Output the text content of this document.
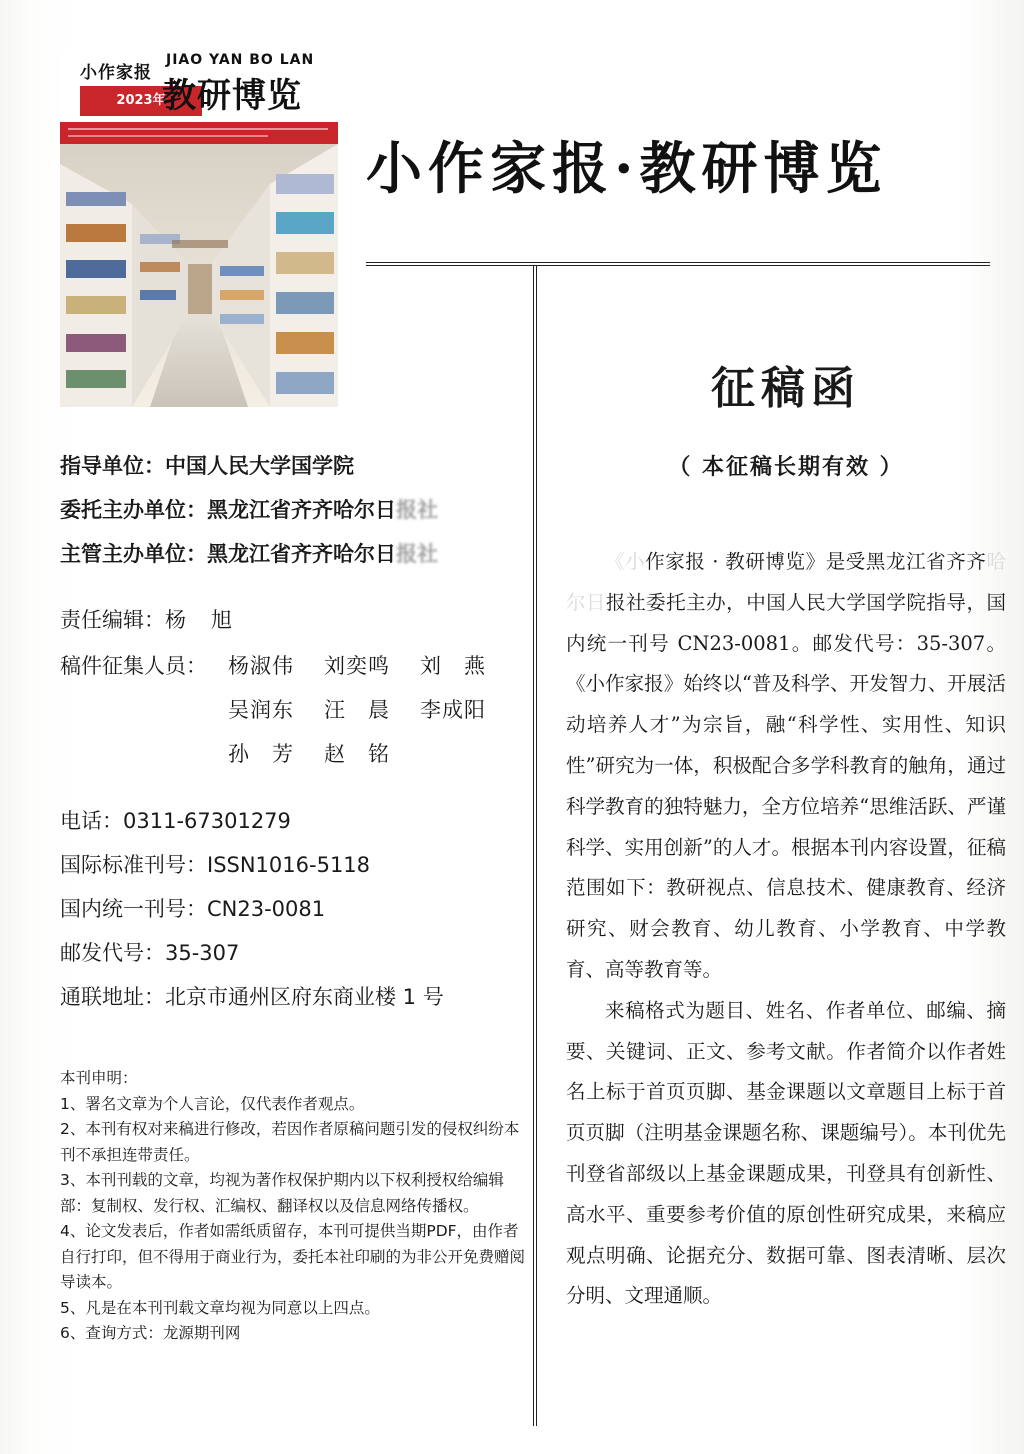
小作家报
2023年
JIAO YAN BO LAN
教研博览
小作家报·教研博览
指导单位：中国人民大学国学院
委托主办单位：黑龙江省齐齐哈尔日报社
主管主办单位：黑龙江省齐齐哈尔日报社
责任编辑：杨　旭
稿件征集人员： 杨淑伟 刘奕鸣 刘　燕
吴润东 汪　晨 李成阳
孙　芳 赵　铭
电话：0311-67301279
国际标准刊号：ISSN1016-5118
国内统一刊号：CN23-0081
邮发代号：35-307
通联地址：北京市通州区府东商业楼 1 号
本刊申明：
1、署名文章为个人言论，仅代表作者观点。
2、本刊有权对来稿进行修改，若因作者原稿问题引发的侵权纠纷本刊不承担连带责任。
3、本刊刊载的文章，均视为著作权保护期内以下权利授权给编辑部：复制权、发行权、汇编权、翻译权以及信息网络传播权。
4、论文发表后，作者如需纸质留存，本刊可提供当期PDF，由作者自行打印，但不得用于商业行为，委托本社印刷的为非公开免费赠阅导读本。
5、凡是在本刊刊载文章均视为同意以上四点。
6、查询方式：龙源期刊网
征稿函
（ 本征稿长期有效 ）

《小作家报 · 教研博览》是受黑龙江省齐齐哈尔日报社委托主办，中国人民大学国学院指导，国内统一刊号 CN23-0081。邮发代号：35-307。《小作家报》始终以“普及科学、开发智力、开展活动培养人才”为宗旨，融“科学性、实用性、知识性”研究为一体，积极配合多学科教育的触角，通过科学教育的独特魅力，全方位培养“思维活跃、严谨科学、实用创新”的人才。根据本刊内容设置，征稿范围如下：教研视点、信息技术、健康教育、经济研究、财会教育、幼儿教育、小学教育、中学教育、高等教育等。

来稿格式为题目、姓名、作者单位、邮编、摘要、关键词、正文、参考文献。作者简介以作者姓名上标于首页页脚、基金课题以文章题目上标于首页页脚（注明基金课题名称、课题编号）。本刊优先刊登省部级以上基金课题成果，刊登具有创新性、高水平、重要参考价值的原创性研究成果，来稿应观点明确、论据充分、数据可靠、图表清晰、层次分明、文理通顺。
